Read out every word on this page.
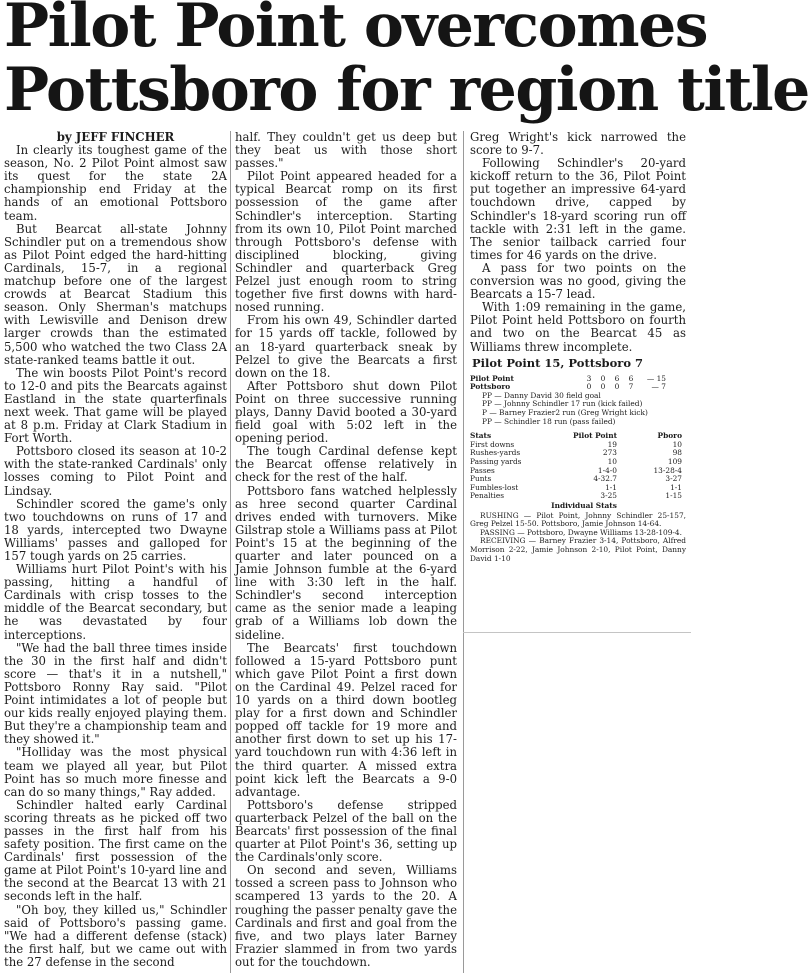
Pilot Point overcomes
Pottsboro for region title

by JEFF FINCHER

In clearly its toughest game of the season, No. 2 Pilot Point almost saw its quest for the state 2A championship end Friday at the hands of an emotional Pottsboro team.

But Bearcat all-state Johnny Schindler put on a tremendous show as Pilot Point edged the hard-hitting Cardinals, 15-7, in a regional matchup before one of the largest crowds at Bearcat Stadium this season. Only Sherman's matchups with Lewisville and Denison drew larger crowds than the estimated 5,500 who watched the two Class 2A state-ranked teams battle it out.

The win boosts Pilot Point's record to 12-0 and pits the Bearcats against Eastland in the state quarterfinals next week. That game will be played at 8 p.m. Friday at Clark Stadium in Fort Worth.

Pottsboro closed its season at 10-2 with the state-ranked Cardinals' only losses coming to Pilot Point and Lindsay.

Schindler scored the game's only two touchdowns on runs of 17 and 18 yards, intercepted two Dwayne Williams' passes and galloped for 157 tough yards on 25 carries.

Williams hurt Pilot Point's with his passing, hitting a handful of Cardinals with crisp tosses to the middle of the Bearcat secondary, but he was devastated by four interceptions.

"We had the ball three times inside the 30 in the first half and didn't score — that's it in a nutshell," Pottsboro Ronny Ray said. "Pilot Point intimidates a lot of people but our kids really enjoyed playing them. But they're a championship team and they showed it."

"Holliday was the most physical team we played all year, but Pilot Point has so much more finesse and can do so many things," Ray added.

Schindler halted early Cardinal scoring threats as he picked off two passes in the first half from his safety position. The first came on the Cardinals' first possession of the game at Pilot Point's 10-yard line and the second at the Bearcat 13 with 21 seconds left in the half.

"Oh boy, they killed us," Schindler said of Pottsboro's passing game. "We had a different defense (stack) the first half, but we came out with the 27 defense in the second

half. They couldn't get us deep but they beat us with those short passes."

Pilot Point appeared headed for a typical Bearcat romp on its first possession of the game after Schindler's interception. Starting from its own 10, Pilot Point marched through Pottsboro's defense with disciplined blocking, giving Schindler and quarterback Greg Pelzel just enough room to string together five first downs with hard-nosed running.

From his own 49, Schindler darted for 15 yards off tackle, followed by an 18-yard quarterback sneak by Pelzel to give the Bearcats a first down on the 18.

After Pottsboro shut down Pilot Point on three successive running plays, Danny David booted a 30-yard field goal with 5:02 left in the opening period.

The tough Cardinal defense kept the Bearcat offense relatively in check for the rest of the half.

Pottsboro fans watched helplessly as hree second quarter Cardinal drives ended with turnovers. Mike Gilstrap stole a Williams pass at Pilot Point's 15 at the beginning of the quarter and later pounced on a Jamie Johnson fumble at the 6-yard line with 3:30 left in the half. Schindler's second interception came as the senior made a leaping grab of a Williams lob down the sideline.

The Bearcats' first touchdown followed a 15-yard Pottsboro punt which gave Pilot Point a first down on the Cardinal 49. Pelzel raced for 10 yards on a third down bootleg play for a first down and Schindler popped off tackle for 19 more and another first down to set up his 17-yard touchdown run with 4:36 left in the third quarter. A missed extra point kick left the Bearcats a 9-0 advantage.

Pottsboro's defense stripped quarterback Pelzel of the ball on the Bearcats' first possession of the final quarter at Pilot Point's 36, setting up the Cardinals'only score.

On second and seven, Williams tossed a screen pass to Johnson who scampered 13 yards to the 20. A roughing the passer penalty gave the Cardinals and first and goal from the five, and two plays later Barney Frazier slammed in from two yards out for the touchdown.

Greg Wright's kick narrowed the score to 9-7.

Following Schindler's 20-yard kickoff return to the 36, Pilot Point put together an impressive 64-yard touchdown drive, capped by Schindler's 18-yard scoring run off tackle with 2:31 left in the game. The senior tailback carried four times for 46 yards on the drive.

A pass for two points on the conversion was no good, giving the Bearcats a 15-7 lead.

With 1:09 remaining in the game, Pilot Point held Pottsboro on fourth and two on the Bearcat 45 as Williams threw incomplete.

Pilot Point 15, Pottsboro 7

Pilot Point	3	0	6	6	— 15
Pottsboro	0	0	0	7	— 7

PP — Danny David 30 field goal

PP — Johnny Schindler 17 run (kick failed)

P — Barney Frazier2 run (Greg Wright kick)

PP — Schindler 18 run (pass failed)

Stats	Pilot Point	Pboro
First downs	19	10
Rushes-yards	273	98
Passing yards	10	109
Passes	1-4-0	13-28-4
Punts	4-32.7	3-27
Fumbles-lost	1-1	1-1
Penalties	3-25	1-15

Individual Stats

RUSHING — Pilot Point, Johnny Schindler 25-157, Greg Pelzel 15-50. Pottsboro, Jamie Johnson 14-64.

PASSING — Pottsboro, Dwayne Williams 13-28-109-4.

RECEIVING — Barney Frazier 3-14, Pottsboro, Alfred Morrison 2-22, Jamie Johnson 2-10, Pilot Point, Danny David 1-10
